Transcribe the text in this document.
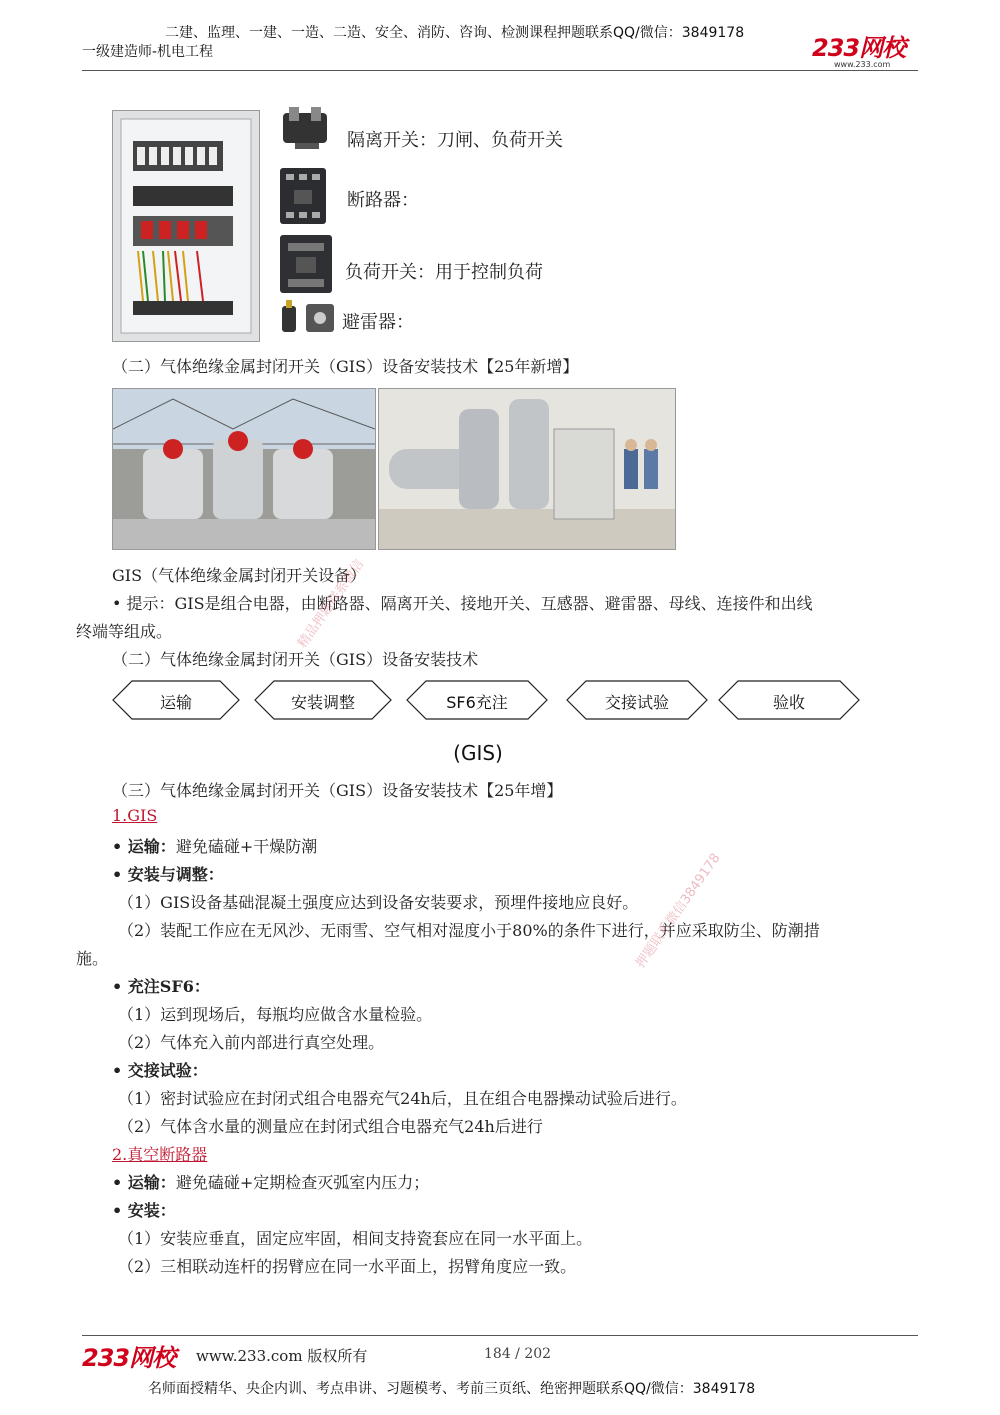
二建、监理、一建、一造、二造、安全、消防、咨询、检测课程押题联系QQ/微信：3849178
一级建造师-机电工程	233网校
www.233.com
隔离开关：刀闸、负荷开关
断路器：
负荷开关：用于控制负荷
避雷器：
（二）气体绝缘金属封闭开关（GIS）设备安装技术【25年新增】
GIS（气体绝缘金属封闭开关设备）
• 提示：GIS是组合电器，由断路器、隔离开关、接地开关、互感器、避雷器、母线、连接件和出线
终端等组成。
（二）气体绝缘金属封闭开关（GIS）设备安装技术
运输	安装调整	SF6充注	交接试验	验收
(GIS)
（三）气体绝缘金属封闭开关（GIS）设备安装技术【25年增】
1.GIS
• 运输：避免磕碰+干燥防潮
• 安装与调整：
（1）GIS设备基础混凝土强度应达到设备安装要求，预埋件接地应良好。
（2）装配工作应在无风沙、无雨雪、空气相对湿度小于80%的条件下进行，并应采取防尘、防潮措
施。
• 充注SF6：
（1）运到现场后，每瓶均应做含水量检验。
（2）气体充入前内部进行真空处理。
• 交接试验：
（1）密封试验应在封闭式组合电器充气24h后，且在组合电器操动试验后进行。
（2）气体含水量的测量应在封闭式组合电器充气24h后进行
2.真空断路器
• 运输：避免磕碰+定期检查灭弧室内压力；
• 安装：
（1）安装应垂直，固定应牢固，相间支持瓷套应在同一水平面上。
（2）三相联动连杆的拐臂应在同一水平面上，拐臂角度应一致。
精品押题联系微信
押题联系微信3849178
233网校 www.233.com 版权所有	184 / 202
名师面授精华、央企内训、考点串讲、习题模考、考前三页纸、绝密押题联系QQ/微信：3849178
